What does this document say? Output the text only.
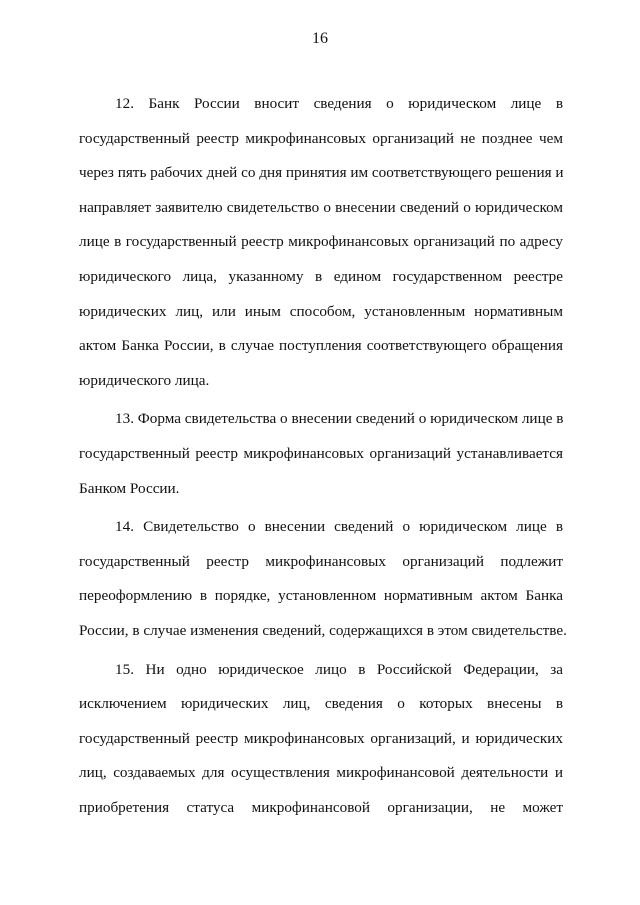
16
12. Банк России вносит сведения о юридическом лице в
государственный реестр микрофинансовых организаций не позднее чем
через пять рабочих дней со дня принятия им соответствующего решения и
направляет заявителю свидетельство о внесении сведений о юридическом
лице в государственный реестр микрофинансовых организаций по адресу
юридического лица, указанному в едином государственном реестре
юридических лиц, или иным способом, установленным нормативным
актом Банка России, в случае поступления соответствующего обращения
юридического лица.
13. Форма свидетельства о внесении сведений о юридическом лице в
государственный реестр микрофинансовых организаций устанавливается
Банком России.
14. Свидетельство о внесении сведений о юридическом лице в
государственный реестр микрофинансовых организаций подлежит
переоформлению в порядке, установленном нормативным актом Банка
России, в случае изменения сведений, содержащихся в этом свидетельстве.
15. Ни одно юридическое лицо в Российской Федерации, за
исключением юридических лиц, сведения о которых внесены в
государственный реестр микрофинансовых организаций, и юридических
лиц, создаваемых для осуществления микрофинансовой деятельности и
приобретения статуса микрофинансовой организации, не может
